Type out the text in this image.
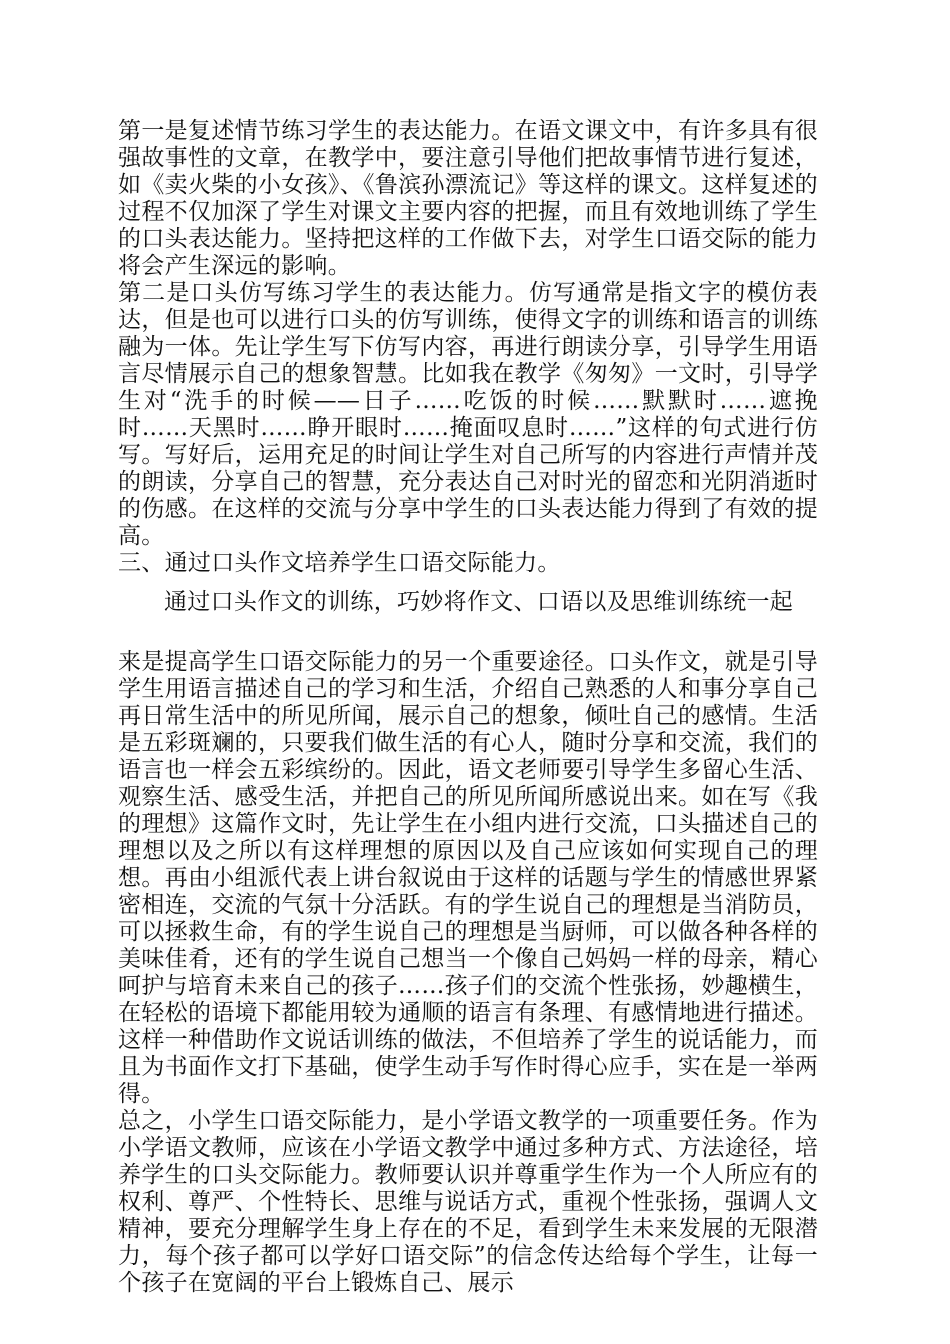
第一是复述情节练习学生的表达能力。在语文课文中，有许多具有很强故事性的文章，在教学中，要注意引导他们把故事情节进行复述，如《卖火柴的小女孩》、《鲁滨孙漂流记》等这样的课文。这样复述的过程不仅加深了学生对课文主要内容的把握，而且有效地训练了学生的口头表达能力。坚持把这样的工作做下去，对学生口语交际的能力将会产生深远的影响。

第二是口头仿写练习学生的表达能力。仿写通常是指文字的模仿表达，但是也可以进行口头的仿写训练，使得文字的训练和语言的训练融为一体。先让学生写下仿写内容，再进行朗读分享，引导学生用语言尽情展示自己的想象智慧。比如我在教学《匆匆》一文时，引导学生对“洗手的时候——日子……吃饭的时候……默默时……遮挽时……天黑时……睁开眼时……掩面叹息时……”这样的句式进行仿写。写好后，运用充足的时间让学生对自己所写的内容进行声情并茂的朗读，分享自己的智慧，充分表达自己对时光的留恋和光阴消逝时的伤感。在这样的交流与分享中学生的口头表达能力得到了有效的提高。

三、通过口头作文培养学生口语交际能力。

通过口头作文的训练，巧妙将作文、口语以及思维训练统一起

来是提高学生口语交际能力的另一个重要途径。口头作文，就是引导学生用语言描述自己的学习和生活，介绍自己熟悉的人和事分享自己再日常生活中的所见所闻，展示自己的想象，倾吐自己的感情。生活是五彩斑斓的，只要我们做生活的有心人，随时分享和交流，我们的语言也一样会五彩缤纷的。因此，语文老师要引导学生多留心生活、观察生活、感受生活，并把自己的所见所闻所感说出来。如在写《我的理想》这篇作文时，先让学生在小组内进行交流，口头描述自己的理想以及之所以有这样理想的原因以及自己应该如何实现自己的理想。再由小组派代表上讲台叙说由于这样的话题与学生的情感世界紧密相连，交流的气氛十分活跃。有的学生说自己的理想是当消防员，可以拯救生命，有的学生说自己的理想是当厨师，可以做各种各样的美味佳肴，还有的学生说自己想当一个像自己妈妈一样的母亲，精心呵护与培育未来自己的孩子……孩子们的交流个性张扬，妙趣横生，在轻松的语境下都能用较为通顺的语言有条理、有感情地进行描述。这样一种借助作文说话训练的做法，不但培养了学生的说话能力，而且为书面作文打下基础，使学生动手写作时得心应手，实在是一举两得。

总之，小学生口语交际能力，是小学语文教学的一项重要任务。作为小学语文教师，应该在小学语文教学中通过多种方式、方法途径，培养学生的口头交际能力。教师要认识并尊重学生作为一个人所应有的权利、尊严、个性特长、思维与说话方式，重视个性张扬，强调人文精神，要充分理解学生身上存在的不足，看到学生未来发展的无限潜力，每个孩子都可以学好口语交际”的信念传达给每个学生，让每一个孩子在宽阔的平台上锻炼自己、展示
